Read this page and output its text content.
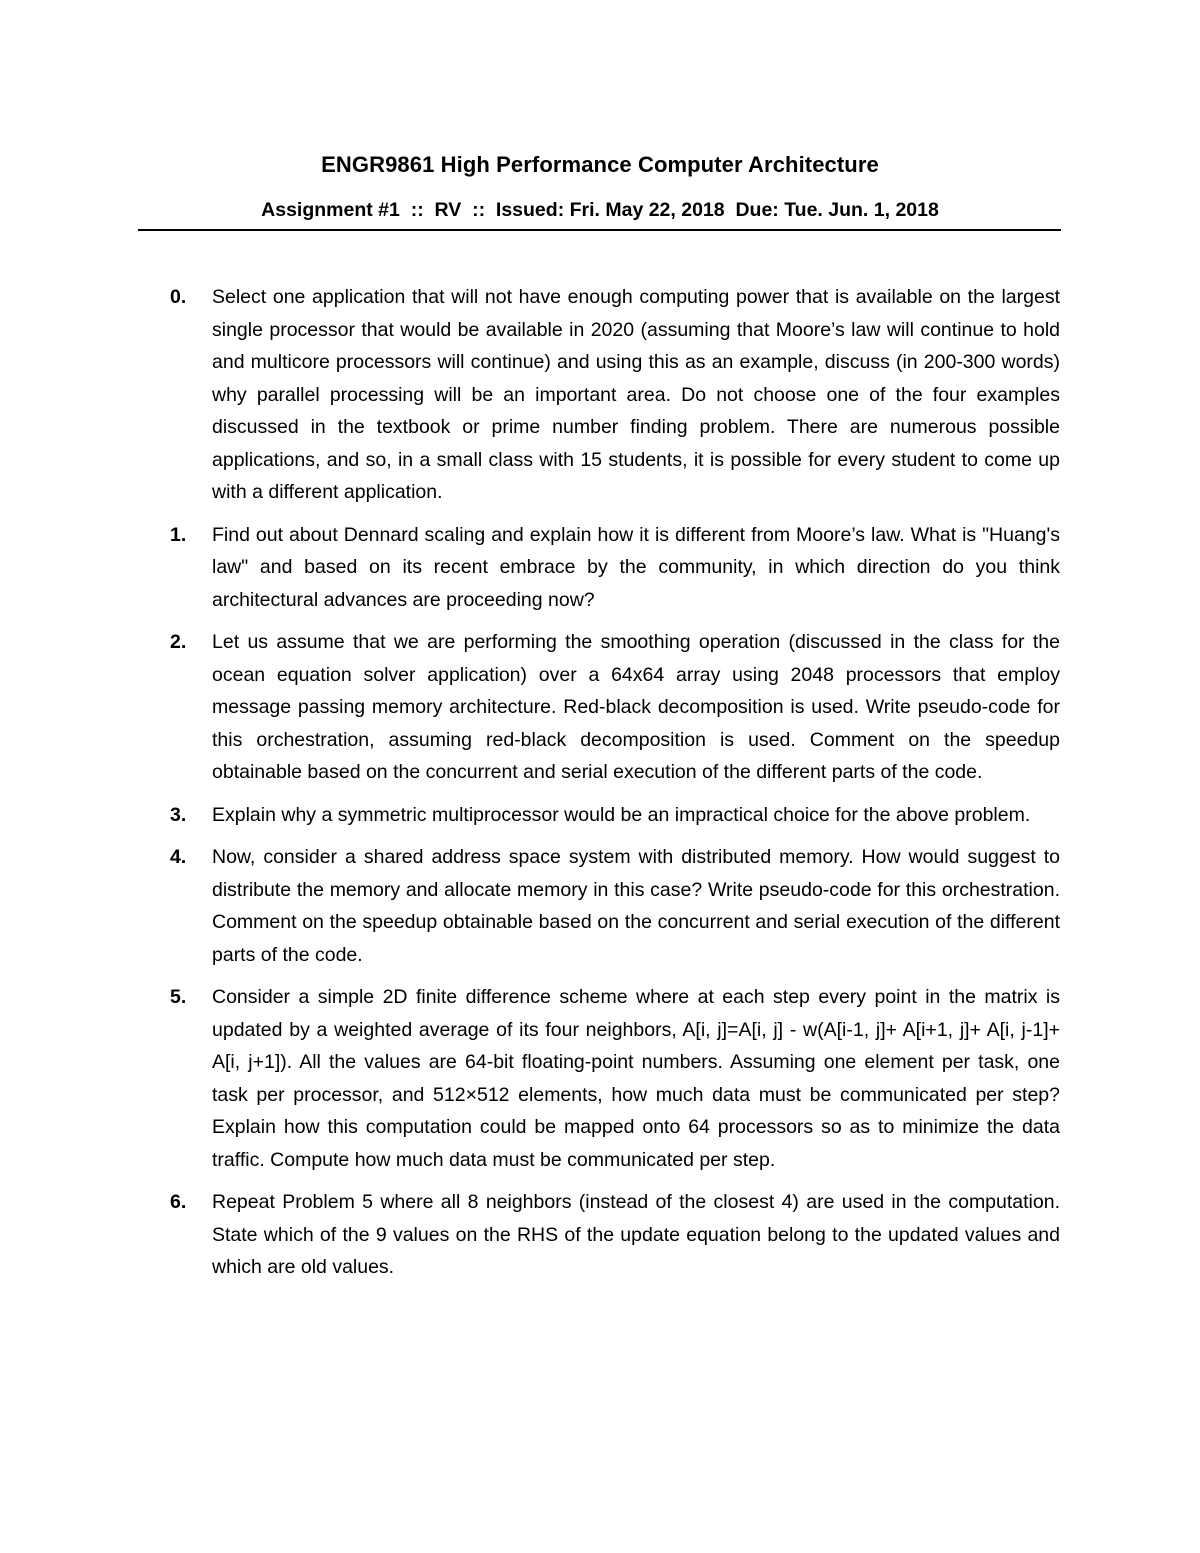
ENGR9861 High Performance Computer Architecture
Assignment #1  ::  RV  ::  Issued: Fri. May 22, 2018  Due: Tue. Jun. 1, 2018
0. Select one application that will not have enough computing power that is available on the largest single processor that would be available in 2020 (assuming that Moore’s law will continue to hold and multicore processors will continue) and using this as an example, discuss (in 200-300 words) why parallel processing will be an important area. Do not choose one of the four examples discussed in the textbook or prime number finding problem. There are numerous possible applications, and so, in a small class with 15 students, it is possible for every student to come up with a different application.
1. Find out about Dennard scaling and explain how it is different from Moore’s law. What is "Huang's law" and based on its recent embrace by the community, in which direction do you think architectural advances are proceeding now?
2. Let us assume that we are performing the smoothing operation (discussed in the class for the ocean equation solver application) over a 64x64 array using 2048 processors that employ message passing memory architecture. Red-black decomposition is used. Write pseudo-code for this orchestration, assuming red-black decomposition is used. Comment on the speedup obtainable based on the concurrent and serial execution of the different parts of the code.
3. Explain why a symmetric multiprocessor would be an impractical choice for the above problem.
4. Now, consider a shared address space system with distributed memory. How would suggest to distribute the memory and allocate memory in this case? Write pseudo-code for this orchestration. Comment on the speedup obtainable based on the concurrent and serial execution of the different parts of the code.
5. Consider a simple 2D finite difference scheme where at each step every point in the matrix is updated by a weighted average of its four neighbors, A[i, j]=A[i, j] - w(A[i-1, j]+ A[i+1, j]+ A[i, j-1]+ A[i, j+1]). All the values are 64-bit floating-point numbers. Assuming one element per task, one task per processor, and 512×512 elements, how much data must be communicated per step? Explain how this computation could be mapped onto 64 processors so as to minimize the data traffic. Compute how much data must be communicated per step.
6. Repeat Problem 5 where all 8 neighbors (instead of the closest 4) are used in the computation. State which of the 9 values on the RHS of the update equation belong to the updated values and which are old values.
